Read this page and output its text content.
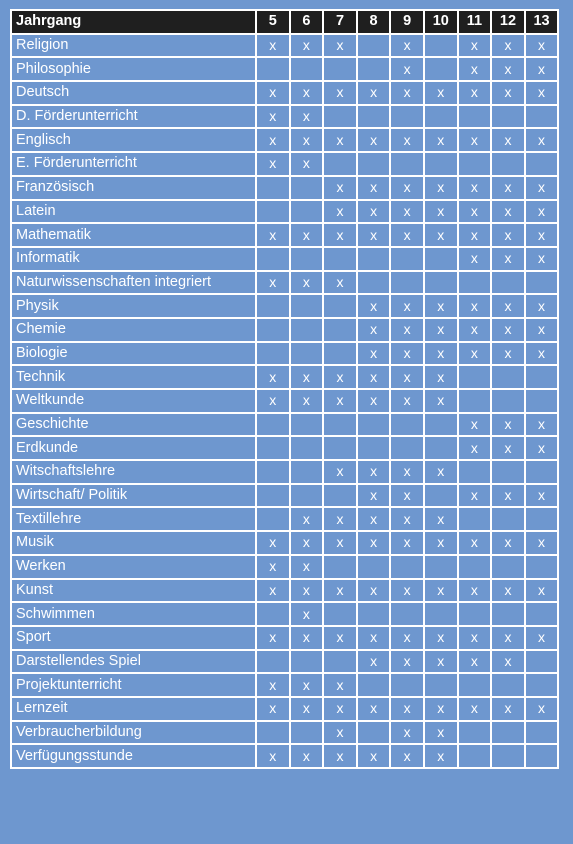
Jahrgang	5	6	7	8	9	10	11	12	13
Religion	x	x	x		x		x	x	x
Philosophie					x		x	x	x
Deutsch	x	x	x	x	x	x	x	x	x
D. Förderunterricht	x	x							
Englisch	x	x	x	x	x	x	x	x	x
E. Förderunterricht	x	x							
Französisch			x	x	x	x	x	x	x
Latein			x	x	x	x	x	x	x
Mathematik	x	x	x	x	x	x	x	x	x
Informatik							x	x	x
Naturwissenschaften integriert	x	x	x						
Physik				x	x	x	x	x	x
Chemie				x	x	x	x	x	x
Biologie				x	x	x	x	x	x
Technik	x	x	x	x	x	x			
Weltkunde	x	x	x	x	x	x			
Geschichte							x	x	x
Erdkunde							x	x	x
Witschaftslehre			x	x	x	x			
Wirtschaft/ Politik				x	x		x	x	x
Textillehre		x	x	x	x	x			
Musik	x	x	x	x	x	x	x	x	x
Werken	x	x							
Kunst	x	x	x	x	x	x	x	x	x
Schwimmen		x							
Sport	x	x	x	x	x	x	x	x	x
Darstellendes Spiel				x	x	x	x	x	
Projektunterricht	x	x	x						
Lernzeit	x	x	x	x	x	x	x	x	x
Verbraucherbildung			x		x	x			
Verfügungsstunde	x	x	x	x	x	x			
